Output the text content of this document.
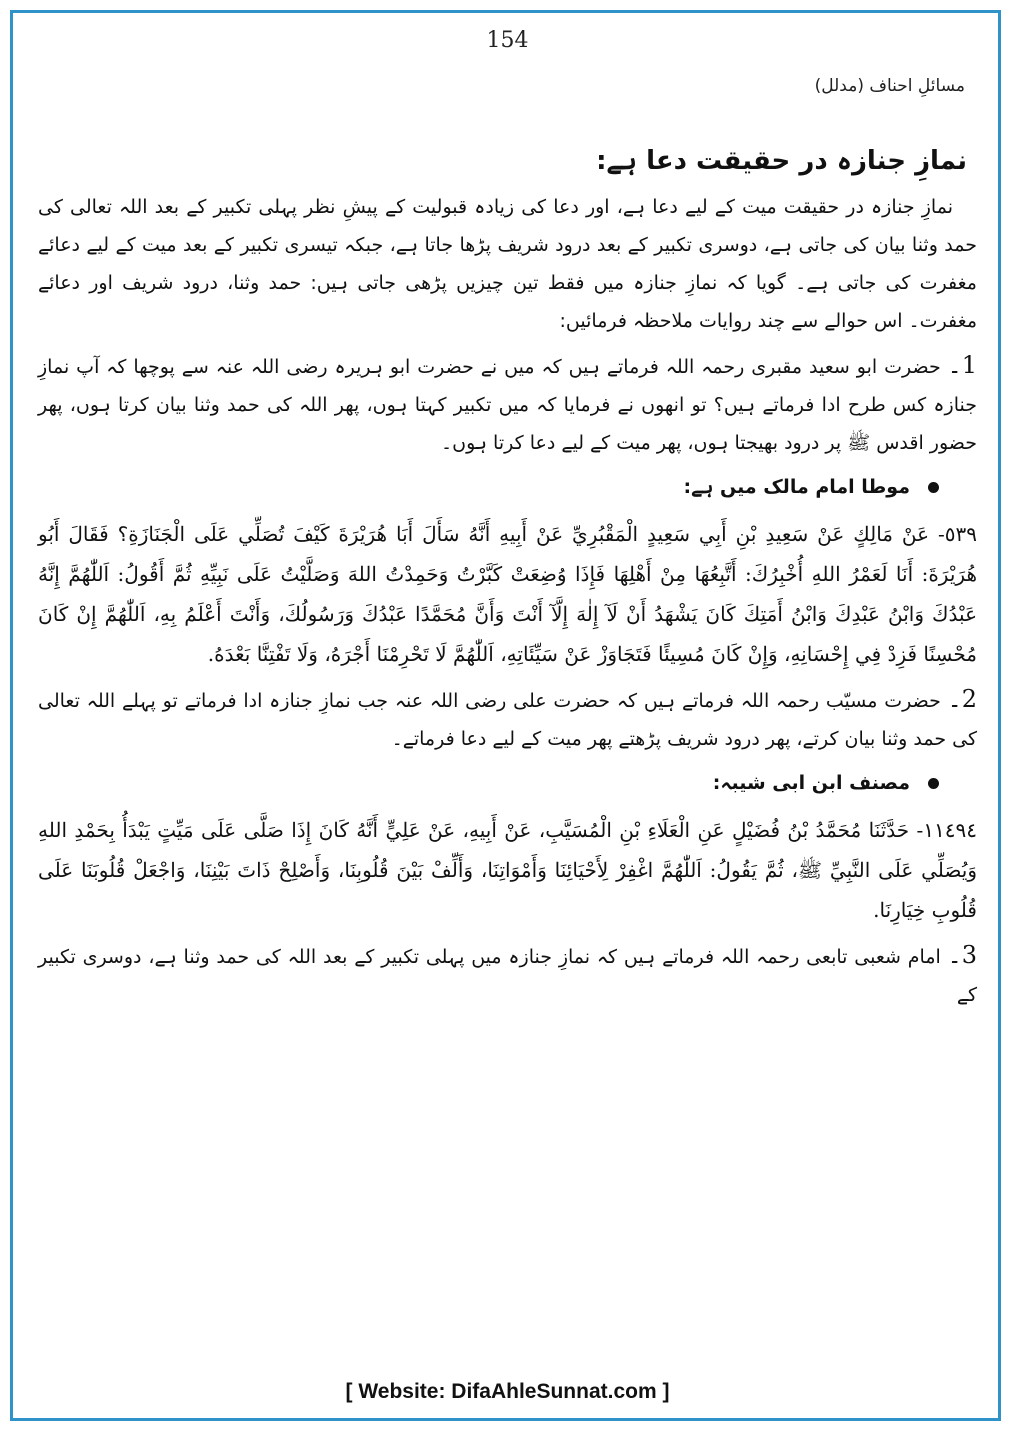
154
مسائلِ احناف (مدلل)
نمازِ جنازہ در حقیقت دعا ہے:

نمازِ جنازہ در حقیقت میت کے لیے دعا ہے، اور دعا کی زیادہ قبولیت کے پیشِ نظر پہلی تکبیر کے بعد اللہ تعالی کی حمد وثنا بیان کی جاتی ہے، دوسری تکبیر کے بعد درود شریف پڑھا جاتا ہے، جبکہ تیسری تکبیر کے بعد میت کے لیے دعائے مغفرت کی جاتی ہے۔ گویا کہ نمازِ جنازہ میں فقط تین چیزیں پڑھی جاتی ہیں: حمد وثنا، درود شریف اور دعائے مغفرت۔ اس حوالے سے چند روایات ملاحظہ فرمائیں:

1۔ حضرت ابو سعید مقبری رحمہ اللہ فرماتے ہیں کہ میں نے حضرت ابو ہریرہ رضی اللہ عنہ سے پوچھا کہ آپ نمازِ جنازہ کس طرح ادا فرماتے ہیں؟ تو انھوں نے فرمایا کہ میں تکبیر کہتا ہوں، پھر اللہ کی حمد وثنا بیان کرتا ہوں، پھر حضور اقدس ﷺ پر درود بھیجتا ہوں، پھر میت کے لیے دعا کرتا ہوں۔

موطا امام مالک میں ہے:

٥٣٩- عَنْ مَالِكٍ عَنْ سَعِيدِ بْنِ أَبِي سَعِيدٍ الْمَقْبُرِيِّ عَنْ أَبِيهِ أَنَّهُ سَأَلَ أَبَا هُرَيْرَةَ كَيْفَ تُصَلِّي عَلَى الْجَنَازَةِ؟ فَقَالَ أَبُو هُرَيْرَةَ: أَنَا لَعَمْرُ اللهِ أُخْبِرُكَ: أَتَّبِعُهَا مِنْ أَهْلِهَا فَإِذَا وُضِعَتْ كَبَّرْتُ وَحَمِدْتُ اللهَ وَصَلَّيْتُ عَلَى نَبِيِّهِ ثُمَّ أَقُولُ: اَللّٰهُمَّ إِنَّهُ عَبْدُكَ وَابْنُ عَبْدِكَ وَابْنُ أَمَتِكَ كَانَ يَشْهَدُ أَنْ لَآ إِلٰهَ إِلَّآ أَنْتَ وَأَنَّ مُحَمَّدًا عَبْدُكَ وَرَسُولُكَ، وَأَنْتَ أَعْلَمُ بِهِ، اَللّٰهُمَّ إِنْ كَانَ مُحْسِنًا فَزِدْ فِي إِحْسَانِهِ، وَإِنْ كَانَ مُسِيئًا فَتَجَاوَزْ عَنْ سَيِّئَاتِهِ، اَللّٰهُمَّ لَا تَحْرِمْنَا أَجْرَهُ، وَلَا تَفْتِنَّا بَعْدَهُ.

2۔ حضرت مسیّب رحمہ اللہ فرماتے ہیں کہ حضرت علی رضی اللہ عنہ جب نمازِ جنازہ ادا فرماتے تو پہلے اللہ تعالی کی حمد وثنا بیان کرتے، پھر درود شریف پڑھتے پھر میت کے لیے دعا فرماتے۔

مصنف ابن ابی شیبہ:

١١٤٩٤- حَدَّثَنَا مُحَمَّدُ بْنُ فُضَيْلٍ عَنِ الْعَلَاءِ بْنِ الْمُسَيَّبِ، عَنْ أَبِيهِ، عَنْ عَلِيٍّ أَنَّهُ كَانَ إِذَا صَلَّى عَلَى مَيِّتٍ يَبْدَأُ بِحَمْدِ اللهِ وَيُصَلِّي عَلَى النَّبِيِّ ﷺ، ثُمَّ يَقُولُ: اَللّٰهُمَّ اغْفِرْ لِأَحْيَائِنَا وَأَمْوَاتِنَا، وَأَلِّفْ بَيْنَ قُلُوبِنَا، وَأَصْلِحْ ذَاتَ بَيْنِنَا، وَاجْعَلْ قُلُوبَنَا عَلَى قُلُوبِ خِيَارِنَا.

3۔ امام شعبی تابعی رحمہ اللہ فرماتے ہیں کہ نمازِ جنازہ میں پہلی تکبیر کے بعد اللہ کی حمد وثنا ہے، دوسری تکبیر کے

[ Website: DifaAhleSunnat.com ]
